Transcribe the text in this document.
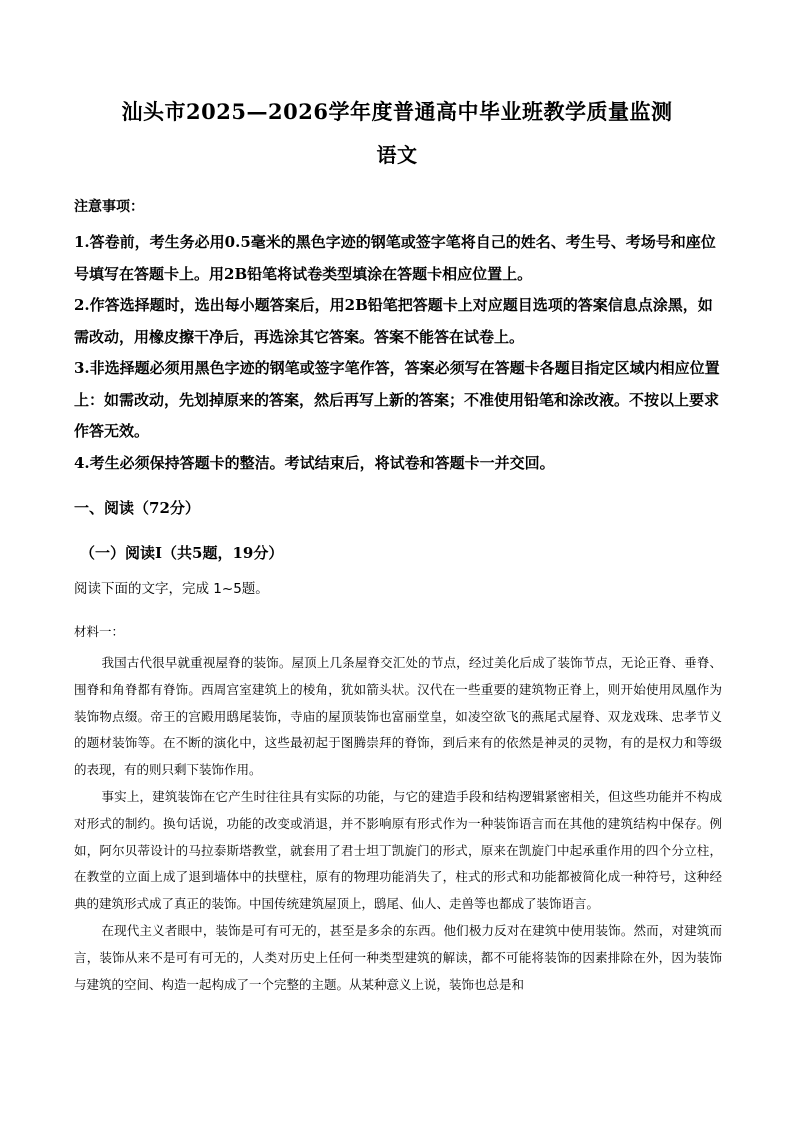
汕头市2025—2026学年度普通高中毕业班教学质量监测
语文
注意事项：

1.答卷前，考生务必用0.5毫米的黑色字迹的钢笔或签字笔将自己的姓名、考生号、考场号和座位号填写在答题卡上。用2B铅笔将试卷类型填涂在答题卡相应位置上。

2.作答选择题时，选出每小题答案后，用2B铅笔把答题卡上对应题目选项的答案信息点涂黑，如需改动，用橡皮擦干净后，再选涂其它答案。答案不能答在试卷上。

3.非选择题必须用黑色字迹的钢笔或签字笔作答，答案必须写在答题卡各题目指定区域内相应位置上：如需改动，先划掉原来的答案，然后再写上新的答案；不准使用铅笔和涂改液。不按以上要求作答无效。

4.考生必须保持答题卡的整洁。考试结束后，将试卷和答题卡一并交回。

一、阅读（72分）
（一）阅读Ⅰ（共5题，19分）
阅读下面的文字，完成 1~5题。
材料一：

我国古代很早就重视屋脊的装饰。屋顶上几条屋脊交汇处的节点，经过美化后成了装饰节点，无论正脊、垂脊、围脊和角脊都有脊饰。西周宫室建筑上的棱角，犹如箭头状。汉代在一些重要的建筑物正脊上，则开始使用凤凰作为装饰物点缀。帝王的宫殿用鸱尾装饰，寺庙的屋顶装饰也富丽堂皇，如凌空欲飞的燕尾式屋脊、双龙戏珠、忠孝节义的题材装饰等。在不断的演化中，这些最初起于图腾崇拜的脊饰，到后来有的依然是神灵的灵物，有的是权力和等级的表现，有的则只剩下装饰作用。

事实上，建筑装饰在它产生时往往具有实际的功能，与它的建造手段和结构逻辑紧密相关，但这些功能并不构成对形式的制约。换句话说，功能的改变或消退，并不影响原有形式作为一种装饰语言而在其他的建筑结构中保存。例如，阿尔贝蒂设计的马拉泰斯塔教堂，就套用了君士坦丁凯旋门的形式，原来在凯旋门中起承重作用的四个分立柱，在教堂的立面上成了退到墙体中的扶壁柱，原有的物理功能消失了，柱式的形式和功能都被简化成一种符号，这种经典的建筑形式成了真正的装饰。中国传统建筑屋顶上，鸱尾、仙人、走兽等也都成了装饰语言。

在现代主义者眼中，装饰是可有可无的，甚至是多余的东西。他们极力反对在建筑中使用装饰。然而，对建筑而言，装饰从来不是可有可无的，人类对历史上任何一种类型建筑的解读，都不可能将装饰的因素排除在外，因为装饰与建筑的空间、构造一起构成了一个完整的主题。从某种意义上说，装饰也总是和
